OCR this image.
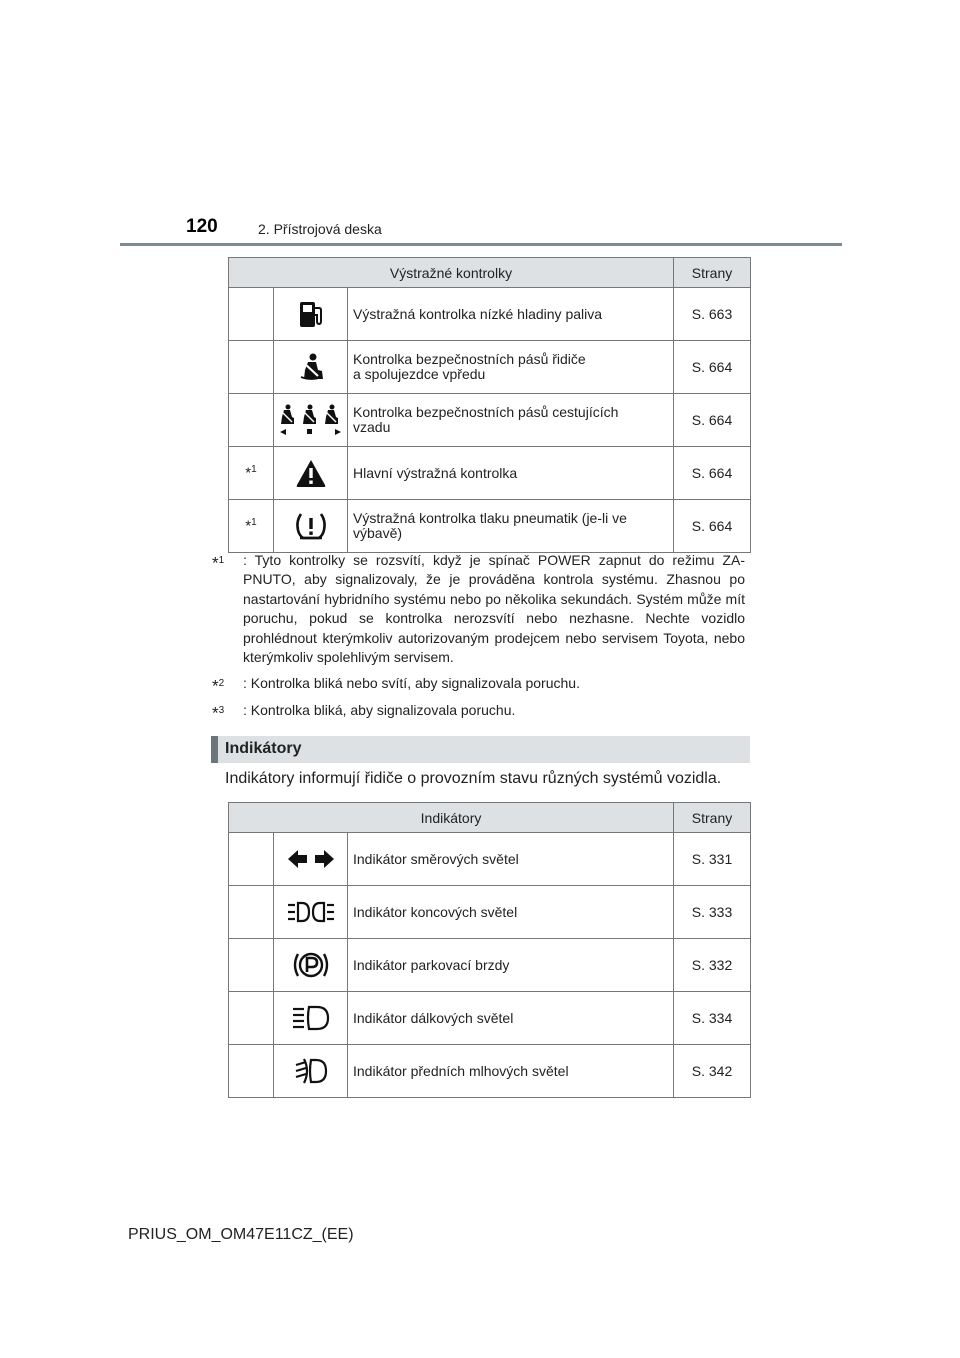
120	2. Přístrojová deska
Výstražné kontrolky			Strany
		Výstražná kontrolka nízké hladiny paliva	S. 663
		Kontrolka bezpečnostních pásů řidiče
a spolujezdce vpředu	S. 664
		Kontrolka bezpečnostních pásů cestujících
vzadu	S. 664
*$^1$		Hlavní výstražná kontrolka	S. 664
*$^1$		Výstražná kontrolka tlaku pneumatik (je-li ve
výbavě)	S. 664
*$^1$ : Tyto kontrolky se rozsvítí, když je spínač POWER zapnut do režimu ZA-PNUTO, aby signalizovaly, že je prováděna kontrola systému. Zhasnou po nastartování hybridního systému nebo po několika sekundách. Systém může mít poruchu, pokud se kontrolka nerozsvítí nebo nezhasne. Nechte vozidlo prohlédnout kterýmkoliv autorizovaným prodejcem nebo servisem Toyota, nebo kterýmkoliv spolehlivým servisem.
*$^2$ : Kontrolka bliká nebo svítí, aby signalizovala poruchu.
*$^3$ : Kontrolka bliká, aby signalizovala poruchu.
Indikátory
Indikátory informují řidiče o provozním stavu různých systémů vozidla.
Indikátory			Strany
		Indikátor směrových světel	S. 331
		Indikátor koncových světel	S. 333
		Indikátor parkovací brzdy	S. 332
		Indikátor dálkových světel	S. 334
		Indikátor předních mlhových světel	S. 342
PRIUS_OM_OM47E11CZ_(EE)
